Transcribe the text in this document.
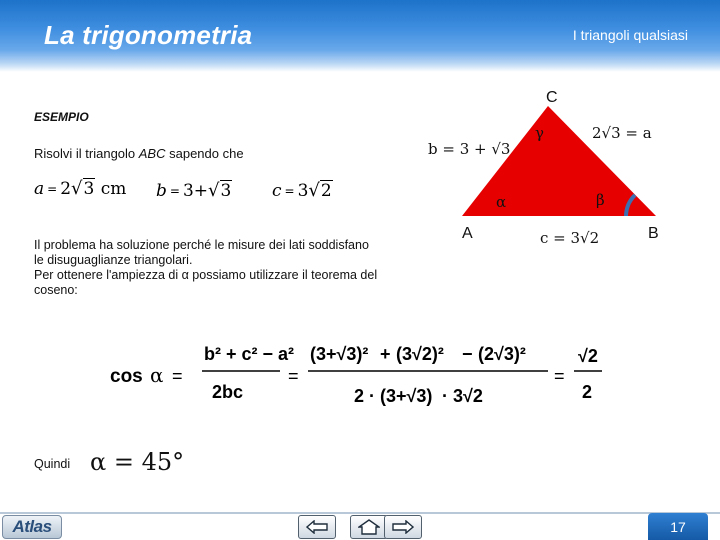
La trigonometria	I triangoli qualsiasi
C
A	B
γ
α	β
b = 3 + √3
2√3 = a
c = 3√2
ESEMPIO
Risolvi il triangolo ABC sapendo che
a = 2√3 cm b = 3+√3 c = 3√2
Il problema ha soluzione perché le misure dei lati soddisfano
le disuguaglianze triangolari.
Per ottenere l'ampiezza di α possiamo utilizzare il teorema del
coseno:
cos α =
b² + c² − a²
2bc
=
(3+√3)² + (3√2)² − (2√3)²
2 · (3+√3) · 3√2
=
√2
2
Quindi α = 45°
Atlas	17
